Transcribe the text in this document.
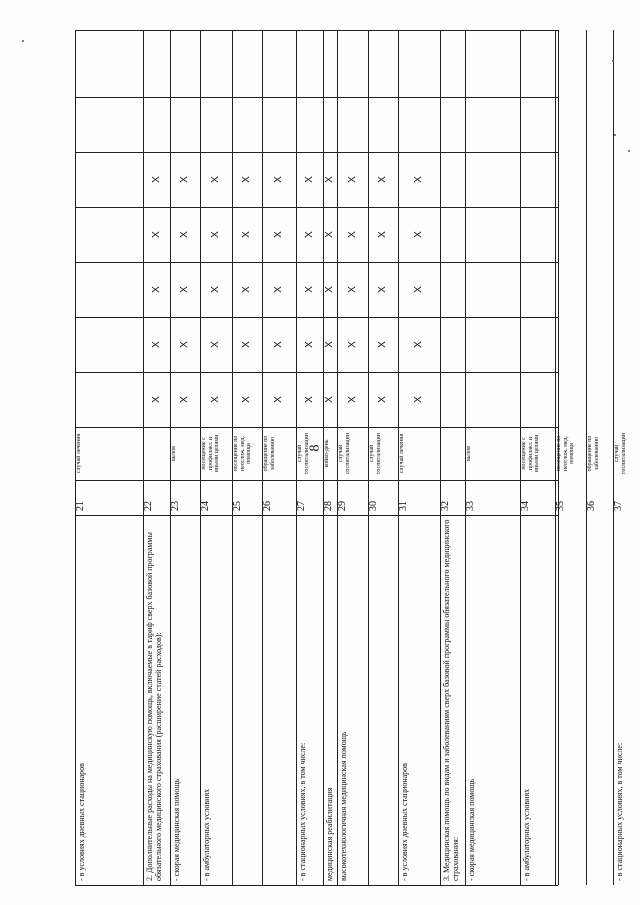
8
- в условиях дневных стационаров
21
случай лечения
2. Дополнительные расходы на медицинскую помощь, включаемые в тариф сверх базовой программы обязательного медицинского страхования (расширение статей расходов):
22
X
X
X
X
X
- скорая медицинская помощь
23
вызов
X
X
X
X
X
- в амбулаторных условиях
24
посещение с профилакт. и иными целями
X
X
X
X
X
25
посещение по неотлож. мед. помощи
X
X
X
X
X
26
обращение по заболеванию
X
X
X
X
X
- в стационарных условиях, в том числе:
27
случай госпитализации
X
X
X
X
X
медицинская реабилитация
28
койко-день
X
X
X
X
X
высокотехнологичная медицинская помощь
29
случай госпитализации
X
X
X
X
X
30
случай госпитализации
X
X
X
X
X
- в условиях дневных стационаров
31
случай лечения
X
X
X
X
X
3. Медицинская помощь по видам и заболеваниям сверх базовой программы обязательного медицинского страхования:
32
- скорая медицинская помощь
33
вызов
- в амбулаторных условиях
34
посещение с профилакт. и иными целями
35
посещение по неотлож. мед. помощи
36
обращение по заболеванию
- в стационарных условиях, в том числе:
37
случай госпитализации
